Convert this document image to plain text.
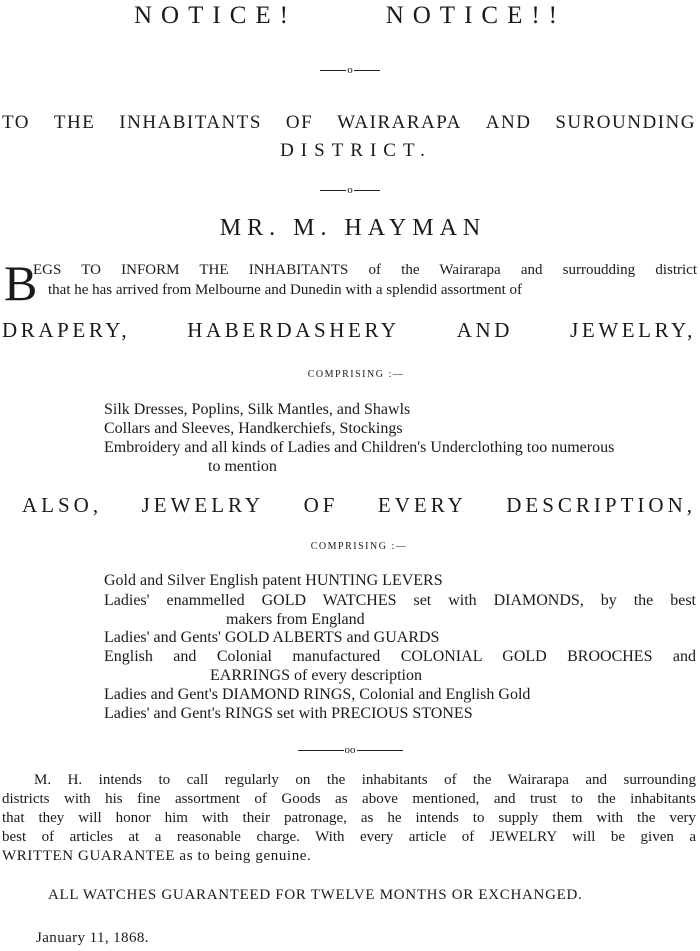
NOTICE!	NOTICE!!
o
TO THE INHABITANTS OF WAIRARAPA AND SUROUNDING
DISTRICT.
o
MR. M. HAYMAN
B
EGS TO INFORM THE INHABITANTS of the Wairarapa and surroudding district
that he has arrived from Melbourne and Dunedin with a splendid assortment of
DRAPERY,	HABERDASHERY	AND	JEWELRY,
COMPRISING :—
Silk Dresses, Poplins, Silk Mantles, and Shawls
Collars and Sleeves, Handkerchiefs, Stockings
Embroidery and all kinds of Ladies and Children's Underclothing too numerous
to mention
ALSO, JEWELRY OF EVERY DESCRIPTION,
COMPRISING :—
Gold and Silver English patent HUNTING LEVERS
Ladies' enammelled GOLD WATCHES set with DIAMONDS, by the best
makers from England
Ladies' and Gents' GOLD ALBERTS and GUARDS
English and Colonial manufactured COLONIAL GOLD BROOCHES and
EARRINGS of every description
Ladies and Gent's DIAMOND RINGS, Colonial and English Gold
Ladies' and Gent's RINGS set with PRECIOUS STONES
oo
M. H. intends to call regularly on the inhabitants of the Wairarapa and surrounding
districts with his fine assortment of Goods as above mentioned, and trust to the inhabitants
that they will honor him with their patronage, as he intends to supply them with the very
best of articles at a reasonable charge. With every article of JEWELRY will be given a
WRITTEN GUARANTEE as to being genuine.
ALL WATCHES GUARANTEED FOR TWELVE MONTHS OR EXCHANGED.
January 11, 1868.
